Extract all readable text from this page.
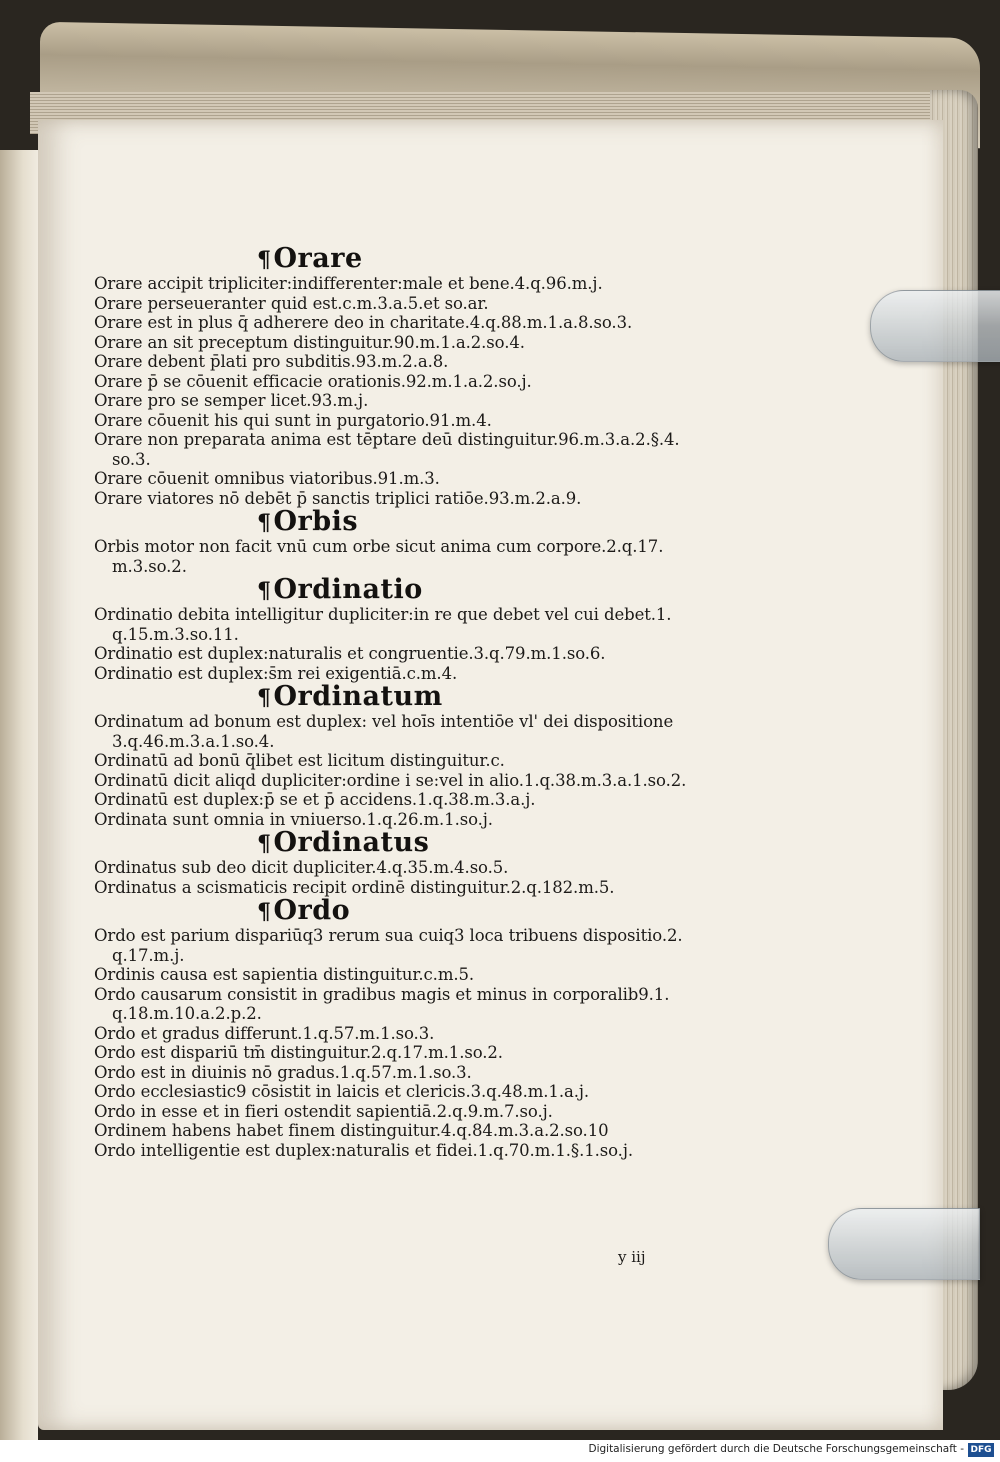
¶Orare
Orare accipit tripliciter:indifferenter:male et bene.4.q.96.m.j.
Orare perseueranter quid est.c.m.3.a.5.et so.ar.
Orare est in plus q̄ adherere deo in charitate.4.q.88.m.1.a.8.so.3.
Orare an sit preceptum distinguitur.90.m.1.a.2.so.4.
Orare debent p̄lati pro subditis.93.m.2.a.8.
Orare p̄ se cōuenit efficacie orationis.92.m.1.a.2.so.j.
Orare pro se semper licet.93.m.j.
Orare cōuenit his qui sunt in purgatorio.91.m.4.
Orare non preparata anima est tēptare deū distinguitur.96.m.3.a.2.§.4.
so.3.
Orare cōuenit omnibus viatoribus.91.m.3.
Orare viatores nō debēt p̄ sanctis triplici ratiōe.93.m.2.a.9.
¶Orbis
Orbis motor non facit vnū cum orbe sicut anima cum corpore.2.q.17.
m.3.so.2.
¶Ordinatio
Ordinatio debita intelligitur dupliciter:in re que debet vel cui debet.1.
q.15.m.3.so.11.
Ordinatio est duplex:naturalis et congruentie.3.q.79.m.1.so.6.
Ordinatio est duplex:s̄m rei exigentiā.c.m.4.
¶Ordinatum
Ordinatum ad bonum est duplex: vel hoīs intentiōe vl' dei dispositione
3.q.46.m.3.a.1.so.4.
Ordinatū ad bonū q̄libet est licitum distinguitur.c.
Ordinatū dicit aliqd dupliciter:ordine i se:vel in alio.1.q.38.m.3.a.1.so.2.
Ordinatū est duplex:p̄ se et p̄ accidens.1.q.38.m.3.a.j.
Ordinata sunt omnia in vniuerso.1.q.26.m.1.so.j.
¶Ordinatus
Ordinatus sub deo dicit dupliciter.4.q.35.m.4.so.5.
Ordinatus a scismaticis recipit ordinē distinguitur.2.q.182.m.5.
¶Ordo
Ordo est parium dispariūq3 rerum sua cuiq3 loca tribuens dispositio.2.
q.17.m.j.
Ordinis causa est sapientia distinguitur.c.m.5.
Ordo causarum consistit in gradibus magis et minus in corporalib9.1.
q.18.m.10.a.2.p.2.
Ordo et gradus differunt.1.q.57.m.1.so.3.
Ordo est dispariū tm̄ distinguitur.2.q.17.m.1.so.2.
Ordo est in diuinis nō gradus.1.q.57.m.1.so.3.
Ordo ecclesiastic9 cōsistit in laicis et clericis.3.q.48.m.1.a.j.
Ordo in esse et in fieri ostendit sapientiā.2.q.9.m.7.so.j.
Ordinem habens habet finem distinguitur.4.q.84.m.3.a.2.so.10
Ordo intelligentie est duplex:naturalis et fidei.1.q.70.m.1.§.1.so.j.
y iij
Digitalisierung gefördert durch die Deutsche Forschungsgemeinschaft - DFG
